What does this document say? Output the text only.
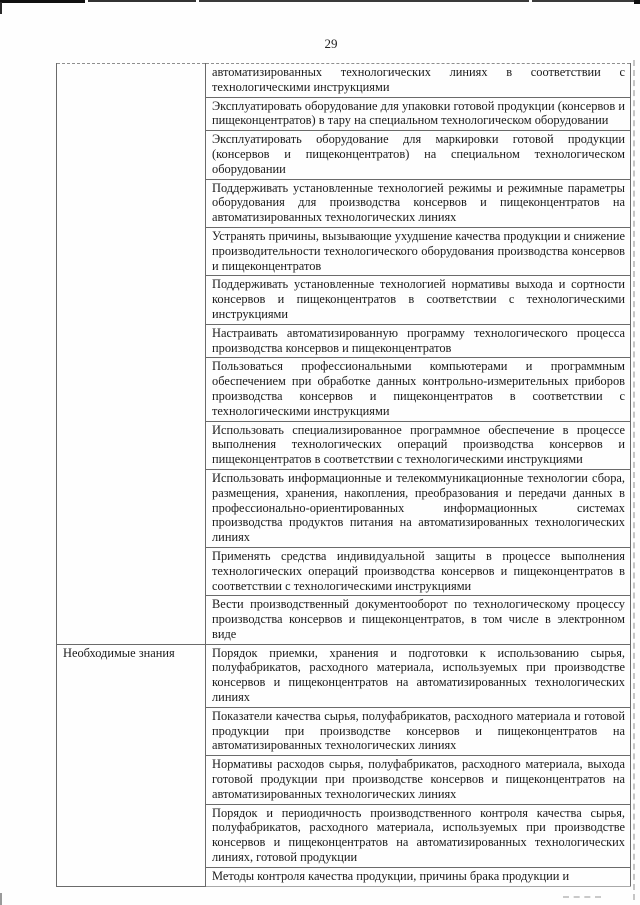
29
	автоматизированных технологических линиях в соответствии с технологическими инструкциями
	Эксплуатировать оборудование для упаковки готовой продукции (консервов и пищеконцентратов) в тару на специальном технологическом оборудовании
	Эксплуатировать оборудование для маркировки готовой продукции (консервов и пищеконцентратов) на специальном технологическом оборудовании
	Поддерживать установленные технологией режимы и режимные параметры оборудования для производства консервов и пищеконцентратов на автоматизированных технологических линиях
	Устранять причины, вызывающие ухудшение качества продукции и снижение производительности технологического оборудования производства консервов и пищеконцентратов
	Поддерживать установленные технологией нормативы выхода и сортности консервов и пищеконцентратов в соответствии с технологическими инструкциями
	Настраивать автоматизированную программу технологического процесса производства консервов и пищеконцентратов
	Пользоваться профессиональными компьютерами и программным обеспечением при обработке данных контрольно-измерительных приборов производства консервов и пищеконцентратов в соответствии с технологическими инструкциями
	Использовать специализированное программное обеспечение в процессе выполнения технологических операций производства консервов и пищеконцентратов в соответствии с технологическими инструкциями
	Использовать информационные и телекоммуникационные технологии сбора, размещения, хранения, накопления, преобразования и передачи данных в профессионально-ориентированных информационных системах производства продуктов питания на автоматизированных технологических линиях
	Применять средства индивидуальной защиты в процессе выполнения технологических операций производства консервов и пищеконцентратов в соответствии с технологическими инструкциями
	Вести производственный документооборот по технологическому процессу производства консервов и пищеконцентратов, в том числе в электронном виде
Необходимые знания	Порядок приемки, хранения и подготовки к использованию сырья, полуфабрикатов, расходного материала, используемых при производстве консервов и пищеконцентратов на автоматизированных технологических линиях
	Показатели качества сырья, полуфабрикатов, расходного материала и готовой продукции при производстве консервов и пищеконцентратов на автоматизированных технологических линиях
	Нормативы расходов сырья, полуфабрикатов, расходного материала, выхода готовой продукции при производстве консервов и пищеконцентратов на автоматизированных технологических линиях
	Порядок и периодичность производственного контроля качества сырья, полуфабрикатов, расходного материала, используемых при производстве консервов и пищеконцентратов на автоматизированных технологических линиях, готовой продукции
	Методы контроля качества продукции, причины брака продукции и
